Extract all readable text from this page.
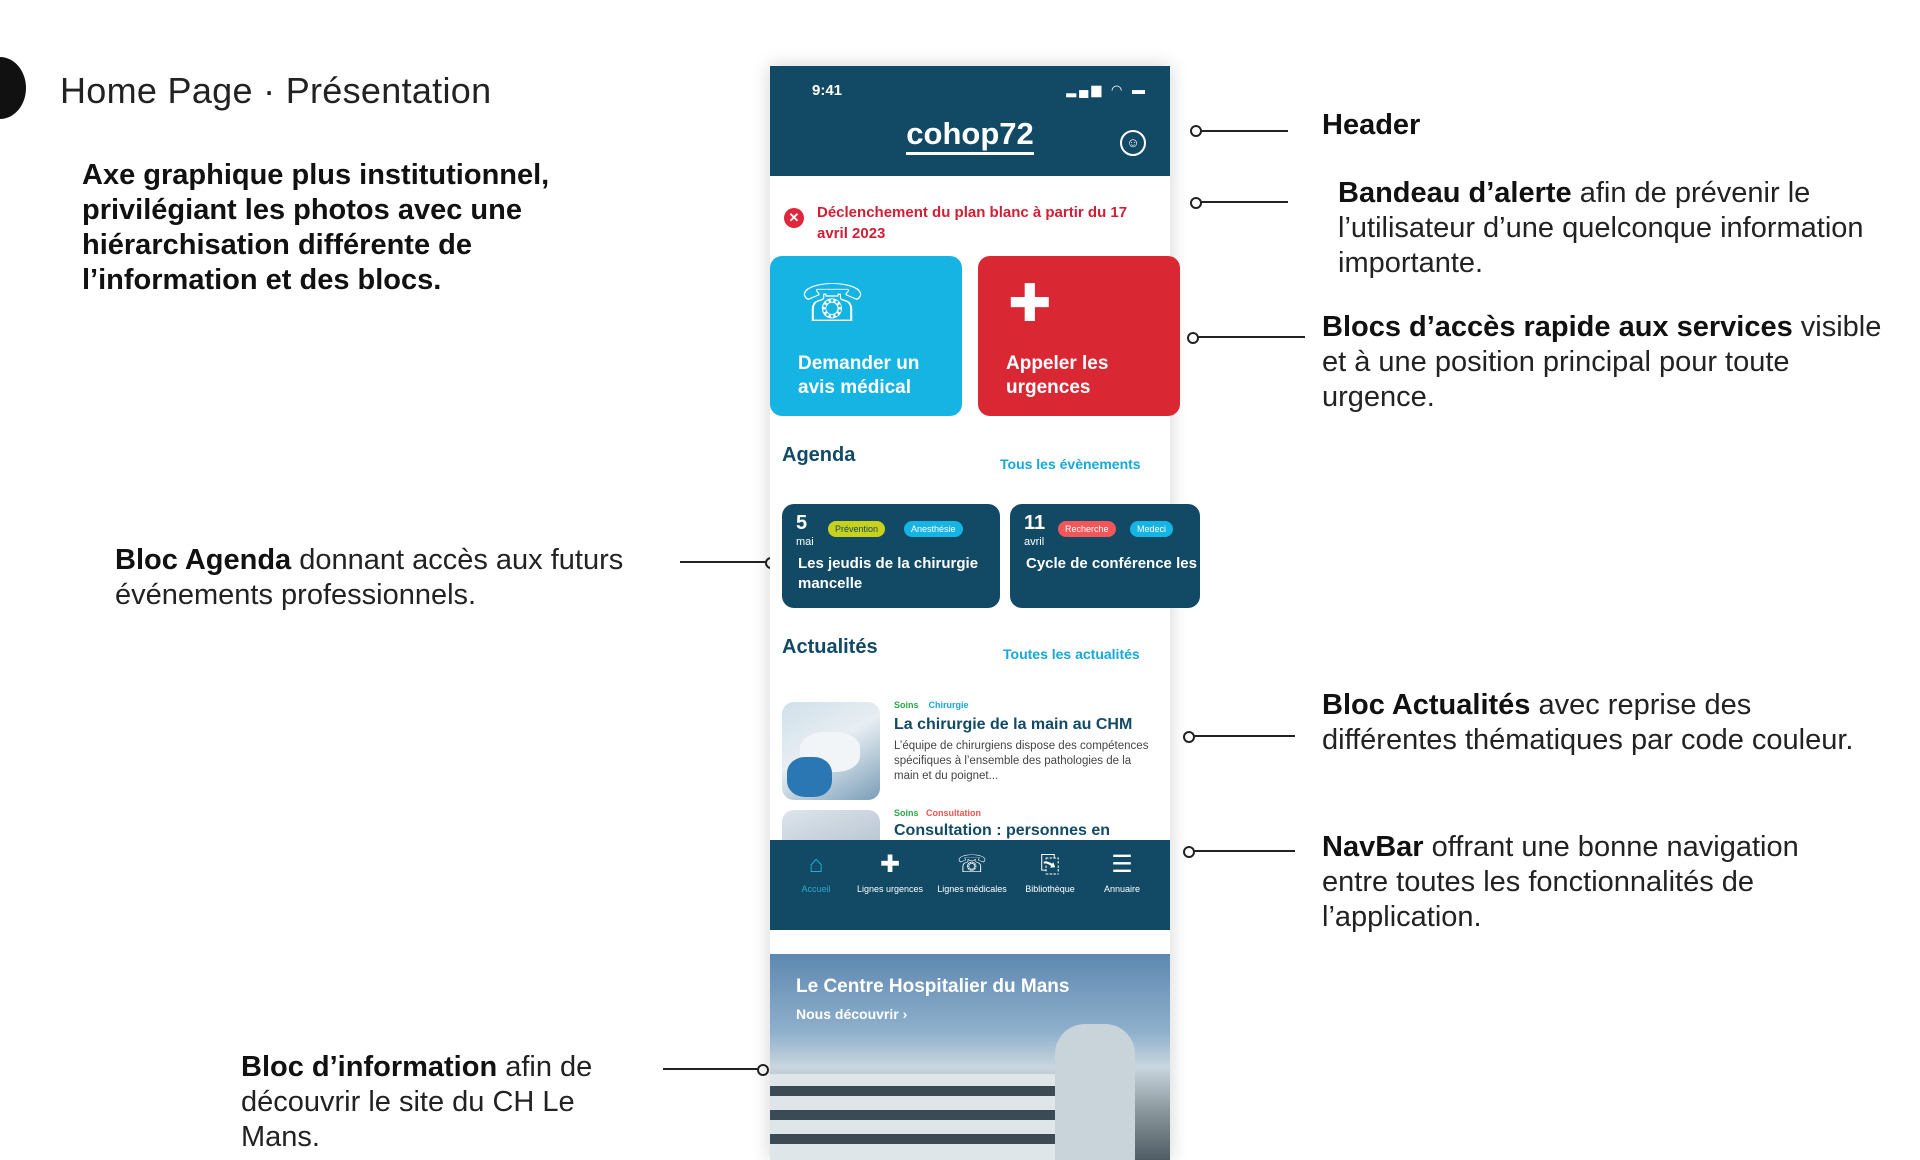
Home Page · Présentation
Axe graphique plus institutionnel, privilégiant les photos avec une hiérarchisation différente de l’information et des blocs.
Header
Bandeau d’alerte afin de prévenir le l’utilisateur d’une quelconque information importante.
Blocs d’accès rapide aux services visible et à une position principal pour toute urgence.
Bloc Agenda donnant accès aux futurs événements professionnels.
Bloc Actualités avec reprise des différentes thématiques par code couleur.
NavBar offrant une bonne navigation entre toutes les fonctionnalités de l’application.
Bloc d’information afin de découvrir le site du CH Le Mans.
9:41	▂▄▆ ◠ ▬
cohop72	☺
✕	Déclenchement du plan blanc à partir du 17 avril 2023
☏
Demander un avis médical
✚
Appeler les urgences
Agenda	Tous les évènements
5
mai
Prévention	Anesthésie
Les jeudis de la chirurgie mancelle
11
avril
Recherche	Medeci
Cycle de conférence les experts MIR
Actualités	Toutes les actualités
Soins Chirurgie
La chirurgie de la main au CHM
L’équipe de chirurgiens dispose des compétences spécifiques à l’ensemble des pathologies de la main et du poignet...
Soins Consultation
Consultation : personnes en
⌂
Accueil
✚
Lignes urgences
☏
Lignes médicales
⎘
Bibliothèque
☰
Annuaire
Le Centre Hospitalier du Mans
Nous découvrir ›
